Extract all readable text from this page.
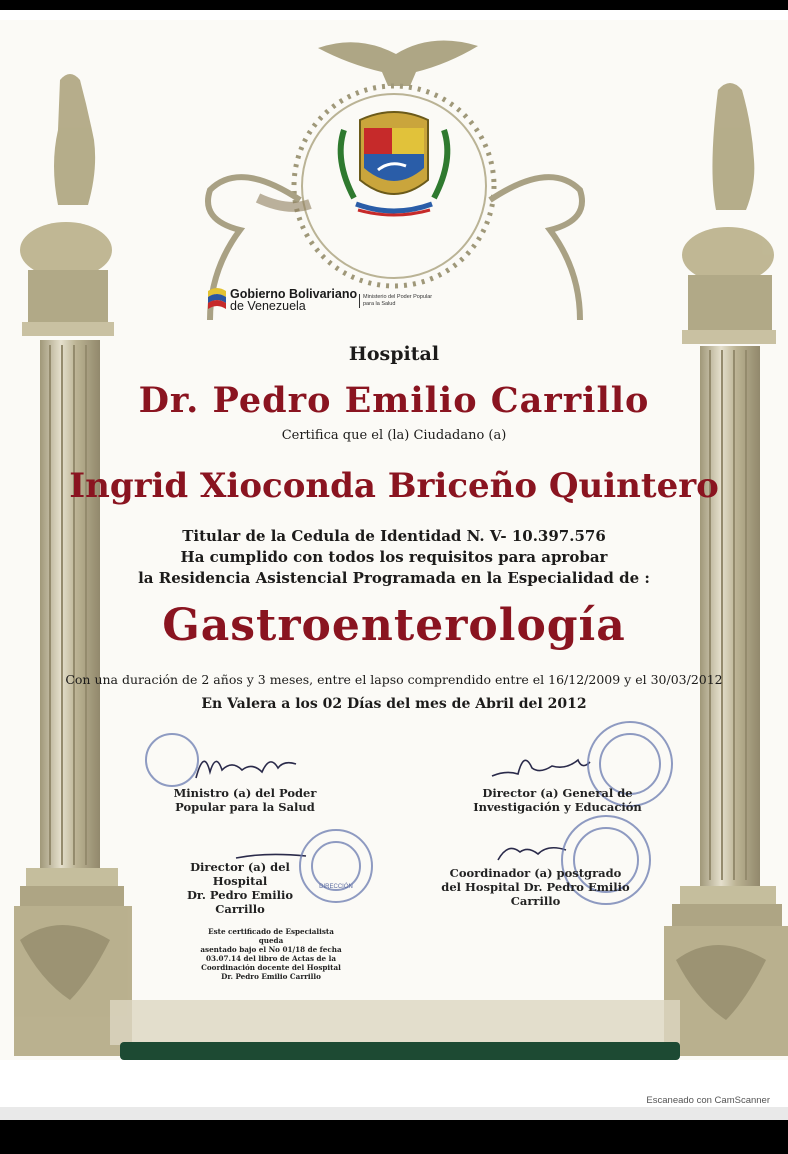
Gobierno Bolivariano
de Venezuela
Ministerio del Poder Popular
para la Salud
Hospital
Dr. Pedro Emilio Carrillo
Certifica que el (la) Ciudadano (a)
Ingrid Xioconda Briceño Quintero
Titular de la Cedula de Identidad N. V- 10.397.576
Ha cumplido con todos los requisitos para aprobar
la Residencia Asistencial Programada en la Especialidad de :
Gastroenterología
Con una duración de 2 años y 3 meses, entre el lapso comprendido entre el 16/12/2009 y el 30/03/2012
En Valera a los 02 Días del mes de Abril del 2012
Ministro (a) del Poder
Popular para la Salud
Director (a) General de
Investigación y Educación
Director (a) del Hospital
Dr. Pedro Emilio Carrillo
Coordinador (a) postgrado
del Hospital Dr. Pedro Emilio Carrillo
DIRECCIÓN
Este certificado de Especialista queda
asentado bajo el No 01/18 de fecha
03.07.14 del libro de Actas de la
Coordinación docente del Hospital
Dr. Pedro Emilio Carrillo
Escaneado con CamScanner
